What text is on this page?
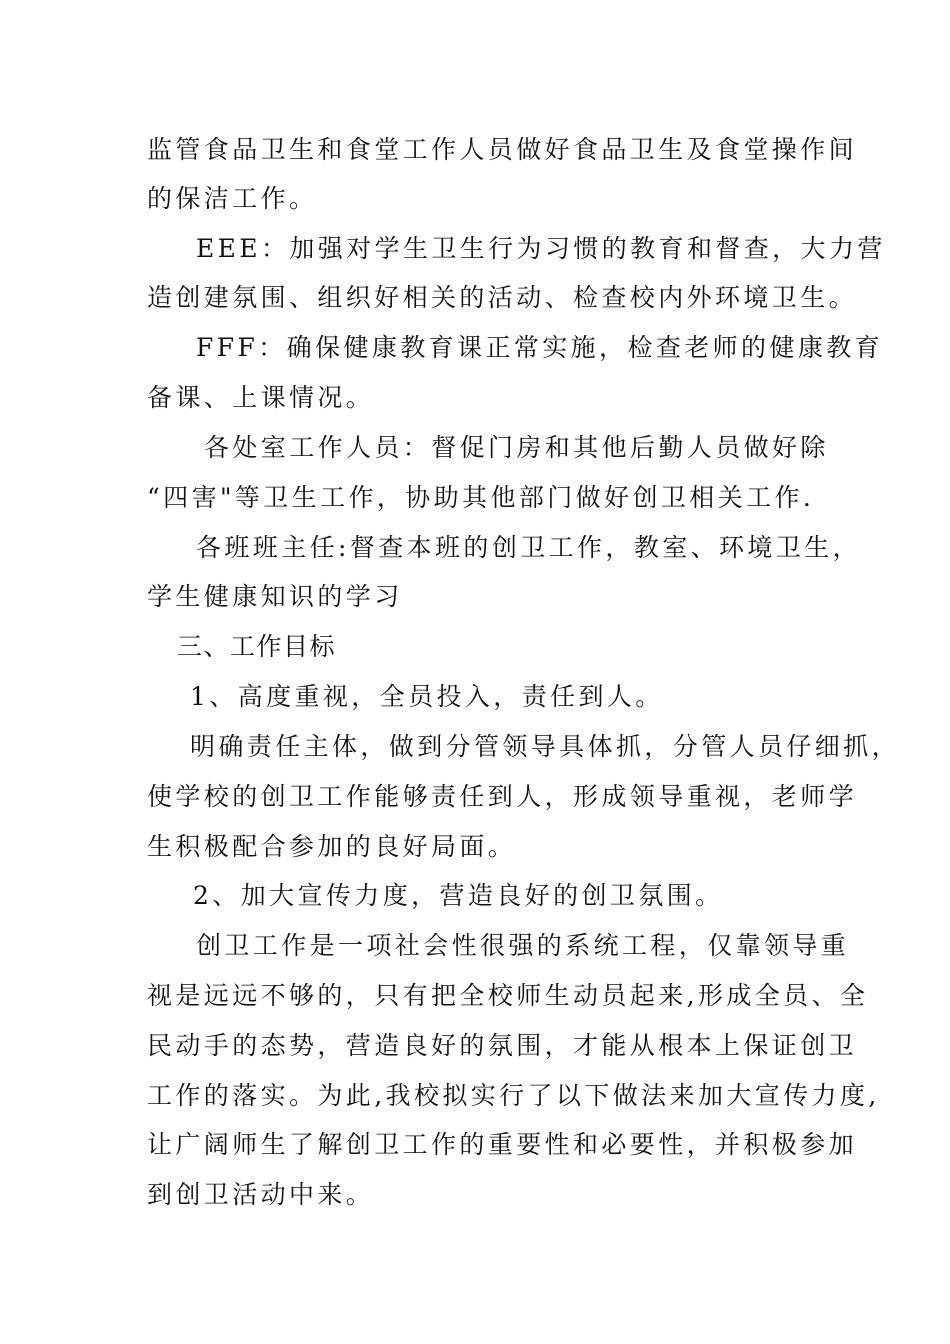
监管食品卫生和食堂工作人员做好食品卫生及食堂操作间
的保洁工作。
EEE：加强对学生卫生行为习惯的教育和督查，大力营
造创建氛围、组织好相关的活动、检查校内外环境卫生。
FFF：确保健康教育课正常实施，检查老师的健康教育
备课、上课情况。
各处室工作人员：督促门房和其他后勤人员做好除
“四害"等卫生工作，协助其他部门做好创卫相关工作.
各班班主任:督查本班的创卫工作，教室、环境卫生，
学生健康知识的学习
三、工作目标
1、高度重视，全员投入，责任到人。
明确责任主体，做到分管领导具体抓，分管人员仔细抓，
使学校的创卫工作能够责任到人，形成领导重视，老师学
生积极配合参加的良好局面。
2、加大宣传力度，营造良好的创卫氛围。
创卫工作是一项社会性很强的系统工程，仅靠领导重
视是远远不够的，只有把全校师生动员起来,形成全员、全
民动手的态势，营造良好的氛围，才能从根本上保证创卫
工作的落实。为此,我校拟实行了以下做法来加大宣传力度,
让广阔师生了解创卫工作的重要性和必要性，并积极参加
到创卫活动中来。
